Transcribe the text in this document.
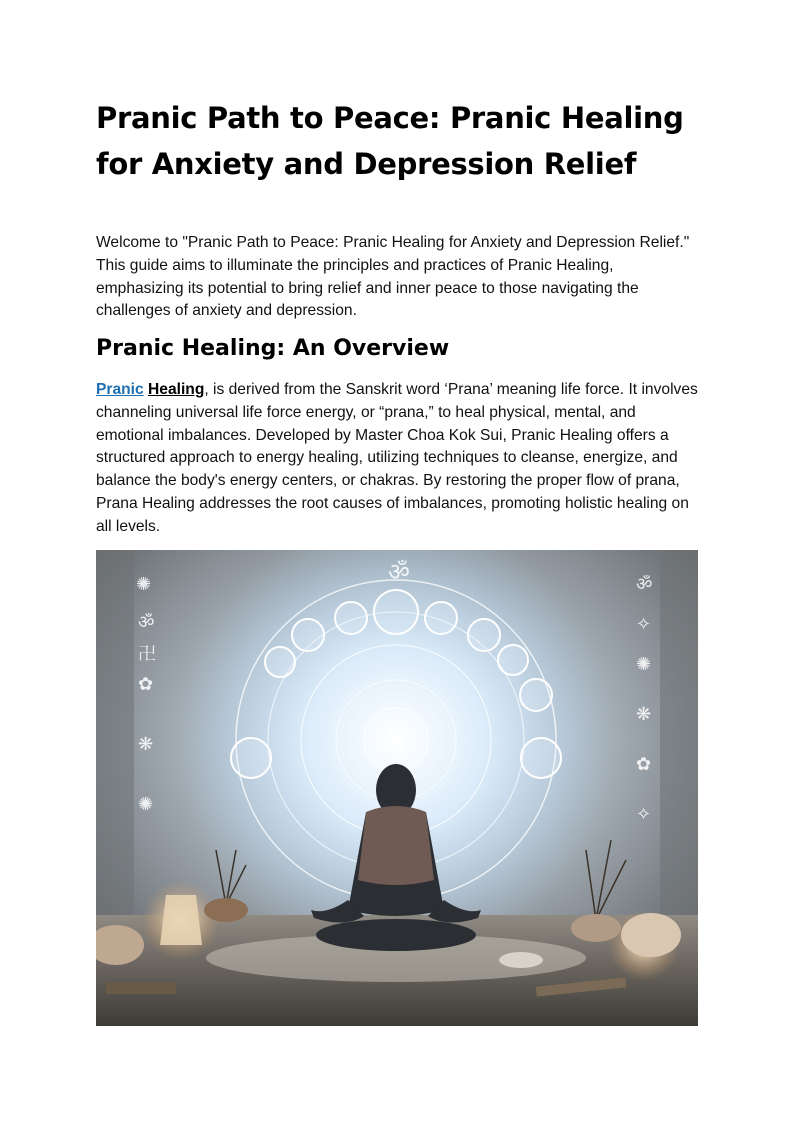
Pranic Path to Peace: Pranic Healing for Anxiety and Depression Relief

Welcome to "Pranic Path to Peace: Pranic Healing for Anxiety and Depression Relief." This guide aims to illuminate the principles and practices of Pranic Healing, emphasizing its potential to bring relief and inner peace to those navigating the challenges of anxiety and depression.

Pranic Healing: An Overview

Pranic Healing, is derived from the Sanskrit word ‘Prana’ meaning life force. It involves channeling universal life force energy, or “prana,” to heal physical, mental, and emotional imbalances. Developed by Master Choa Kok Sui, Pranic Healing offers a structured approach to energy healing, utilizing techniques to cleanse, energize, and balance the body's energy centers, or chakras. By restoring the proper flow of prana, Prana Healing addresses the root causes of imbalances, promoting holistic healing on all levels.

✺
ॐ
卍
✿
❋
✺
ॐ
✧
✺
❋
✿
✧
ॐ
